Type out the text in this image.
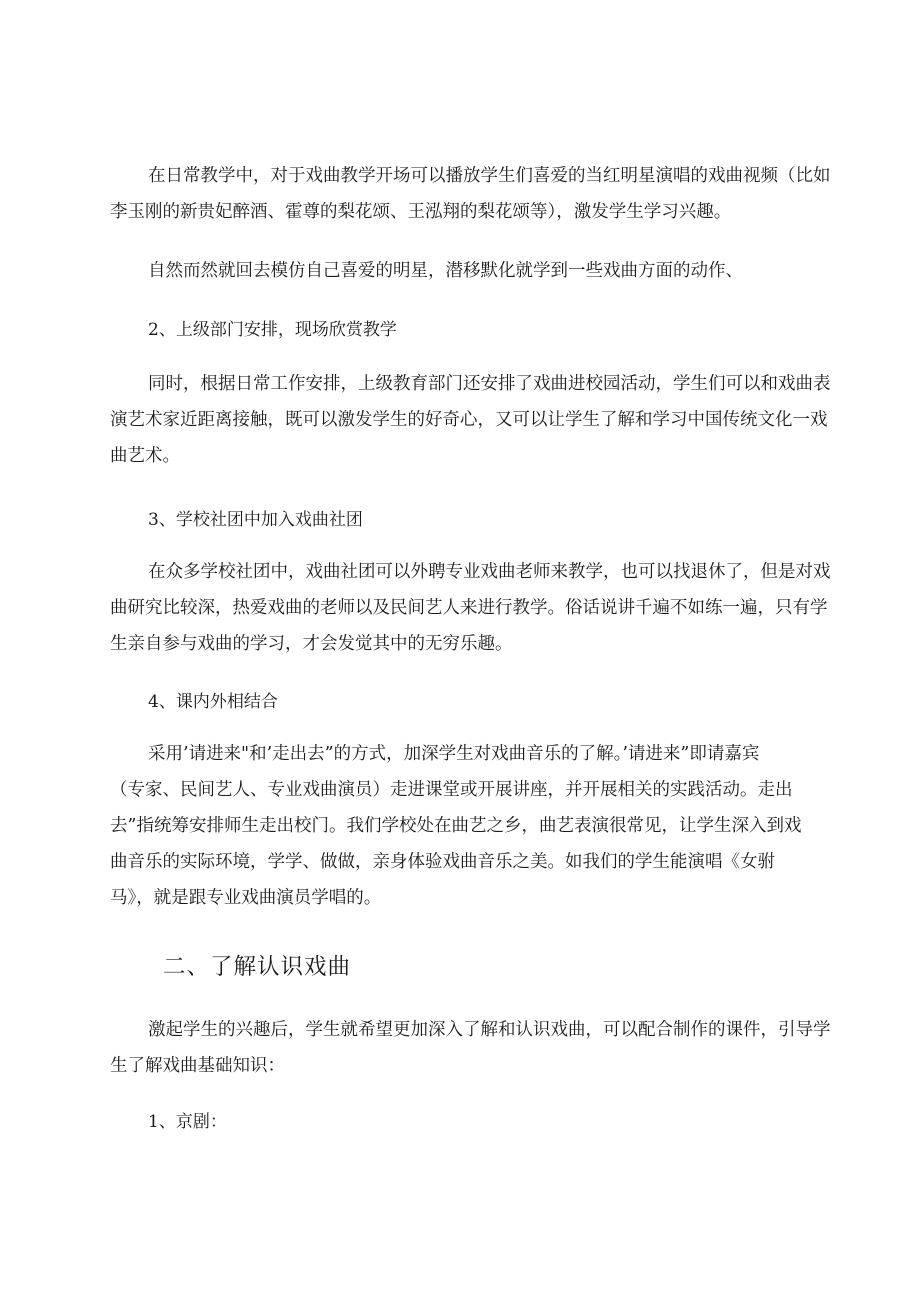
在日常教学中，对于戏曲教学开场可以播放学生们喜爱的当红明星演唱的戏曲视频（比如
李玉刚的新贵妃醉酒、霍尊的梨花颂、王泓翔的梨花颂等），激发学生学习兴趣。
自然而然就回去模仿自己喜爱的明星，潜移默化就学到一些戏曲方面的动作、
2、上级部门安排，现场欣赏教学
同时，根据日常工作安排，上级教育部门还安排了戏曲进校园活动，学生们可以和戏曲表
演艺术家近距离接触，既可以激发学生的好奇心，又可以让学生了解和学习中国传统文化一戏
曲艺术。
3、学校社团中加入戏曲社团
在众多学校社团中，戏曲社团可以外聘专业戏曲老师来教学，也可以找退休了，但是对戏
曲研究比较深，热爱戏曲的老师以及民间艺人来进行教学。俗话说讲千遍不如练一遍，只有学
生亲自参与戏曲的学习，才会发觉其中的无穷乐趣。
4、课内外相结合
采用’请进来"和’走出去”的方式，加深学生对戏曲音乐的了解。’请进来”即请嘉宾
（专家、民间艺人、专业戏曲演员）走进课堂或开展讲座，并开展相关的实践活动。走出
去”指统筹安排师生走出校门。我们学校处在曲艺之乡，曲艺表演很常见，让学生深入到戏
曲音乐的实际环境，学学、做做，亲身体验戏曲音乐之美。如我们的学生能演唱《女驸
马》，就是跟专业戏曲演员学唱的。
二、了解认识戏曲
激起学生的兴趣后，学生就希望更加深入了解和认识戏曲，可以配合制作的课件，引导学
生了解戏曲基础知识：
1、京剧：
